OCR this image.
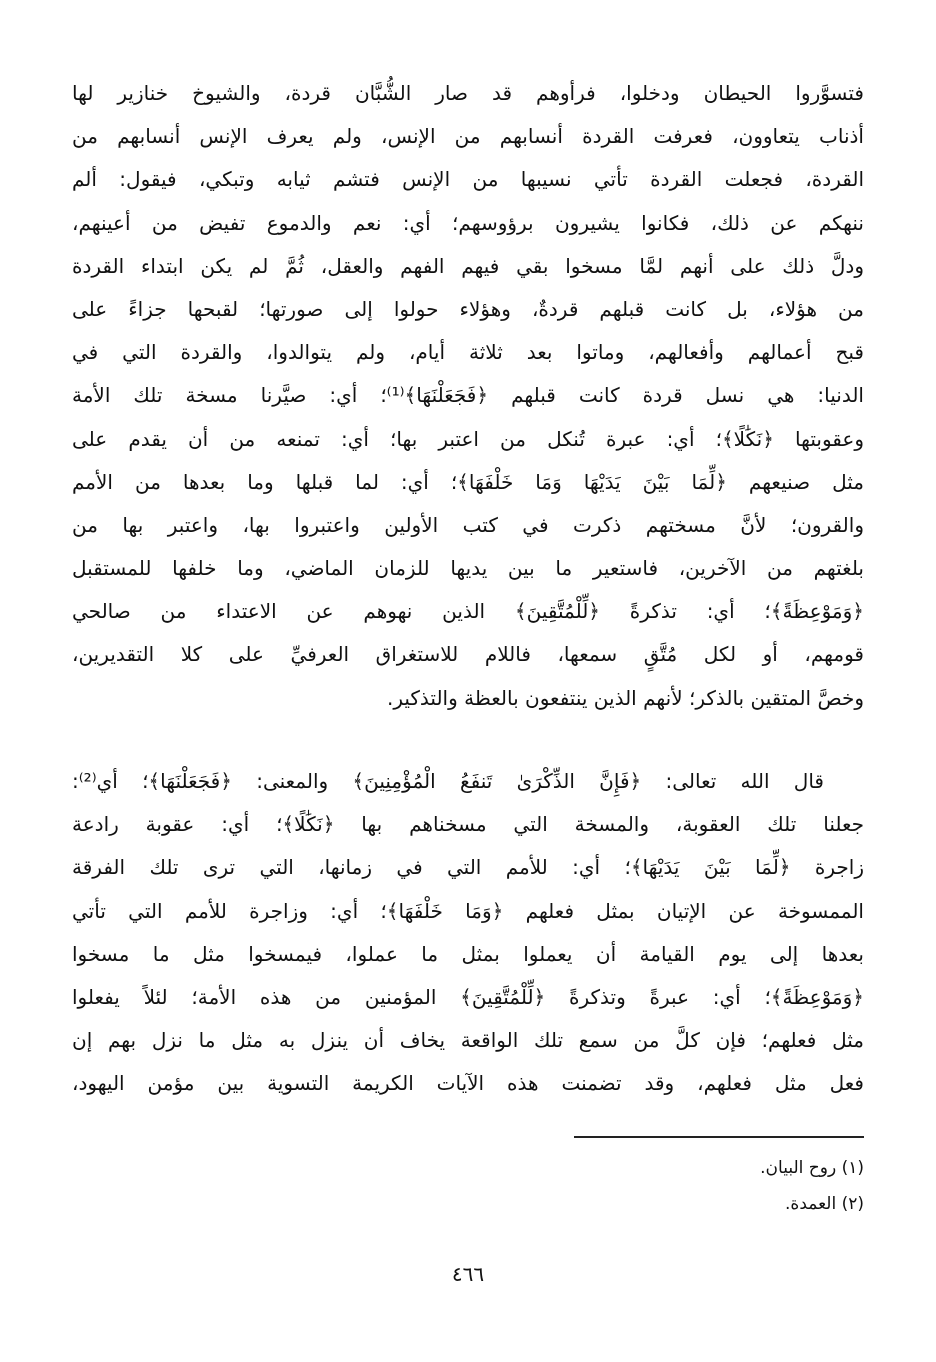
فتسوَّروا الحيطان ودخلوا، فرأوهم قد صار الشُّبَّان قردة، والشيوخ خنازير لها
أذناب يتعاوون، فعرفت القردة أنسابهم من الإنس، ولم يعرف الإنس أنسابهم من
القردة، فجعلت القردة تأتي نسيبها من الإنس فتشم ثيابه وتبكي، فيقول: ألم
ننهكم عن ذلك، فكانوا يشيرون برؤوسهم؛ أي: نعم والدموع تفيض من أعينهم،
ودلَّ ذلك على أنهم لمَّا مسخوا بقي فيهم الفهم والعقل، ثُمَّ لم يكن ابتداء القردة
من هؤلاء، بل كانت قبلهم قردةٌ، وهؤلاء حولوا إلى صورتها؛ لقبحها جزاءً على
قبح أعمالهم وأفعالهم، وماتوا بعد ثلاثة أيام، ولم يتوالدوا، والقردة التي في
الدنيا: هي نسل قردة كانت قبلهم ﴿فَجَعَلْنَهَا﴾⁽¹⁾؛ أي: صيَّرنا مسخة تلك الأمة
وعقوبتها ﴿نَكَٰلًا﴾؛ أي: عبرة تُنكل من اعتبر بها؛ أي: تمنعه من أن يقدم على
مثل صنيعهم ﴿لِّمَا بَيْنَ يَدَيْهَا وَمَا خَلْفَهَا﴾؛ أي: لما قبلها وما بعدها من الأمم
والقرون؛ لأنَّ مسختهم ذكرت في كتب الأولين واعتبروا بها، واعتبر بها من
بلغتهم من الآخرين، فاستعير ما بين يديها للزمان الماضي، وما خلفها للمستقبل
﴿وَمَوْعِظَةً﴾؛ أي: تذكرةً ﴿لِّلْمُتَّقِينَ﴾ الذين نهوهم عن الاعتداء من صالحي
قومهم، أو لكل مُتَّقٍ سمعها، فاللام للاستغراق العرفيِّ على كلا التقديرين،
وخصَّ المتقين بالذكر؛ لأنهم الذين ينتفعون بالعظة والتذكير.
قال الله تعالى: ﴿فَإِنَّ الذِّكْرَىٰ تَنفَعُ الْمُؤْمِنِينَ﴾ والمعنى: ﴿فَجَعَلْنَهَا﴾؛ أي⁽²⁾:
جعلنا تلك العقوبة، والمسخة التي مسخناهم بها ﴿نَكَٰلًا﴾؛ أي: عقوبة رادعة
زاجرة ﴿لِّمَا بَيْنَ يَدَيْهَا﴾؛ أي: للأمم التي في زمانها، التي ترى تلك الفرقة
الممسوخة عن الإتيان بمثل فعلهم ﴿وَمَا خَلْفَهَا﴾؛ أي: وزاجرة للأمم التي تأتي
بعدها إلى يوم القيامة أن يعملوا بمثل ما عملوا، فيمسخوا مثل ما مسخوا
﴿وَمَوْعِظَةً﴾؛ أي: عبرةً وتذكرةً ﴿لِّلْمُتَّقِينَ﴾ المؤمنين من هذه الأمة؛ لئلاً يفعلوا
مثل فعلهم؛ فإن كلَّ من سمع تلك الواقعة يخاف أن ينزل به مثل ما نزل بهم إن
فعل مثل فعلهم، وقد تضمنت هذه الآيات الكريمة التسوية بين مؤمن اليهود،
(١) روح البيان.
(٢) العمدة.
٤٦٦
